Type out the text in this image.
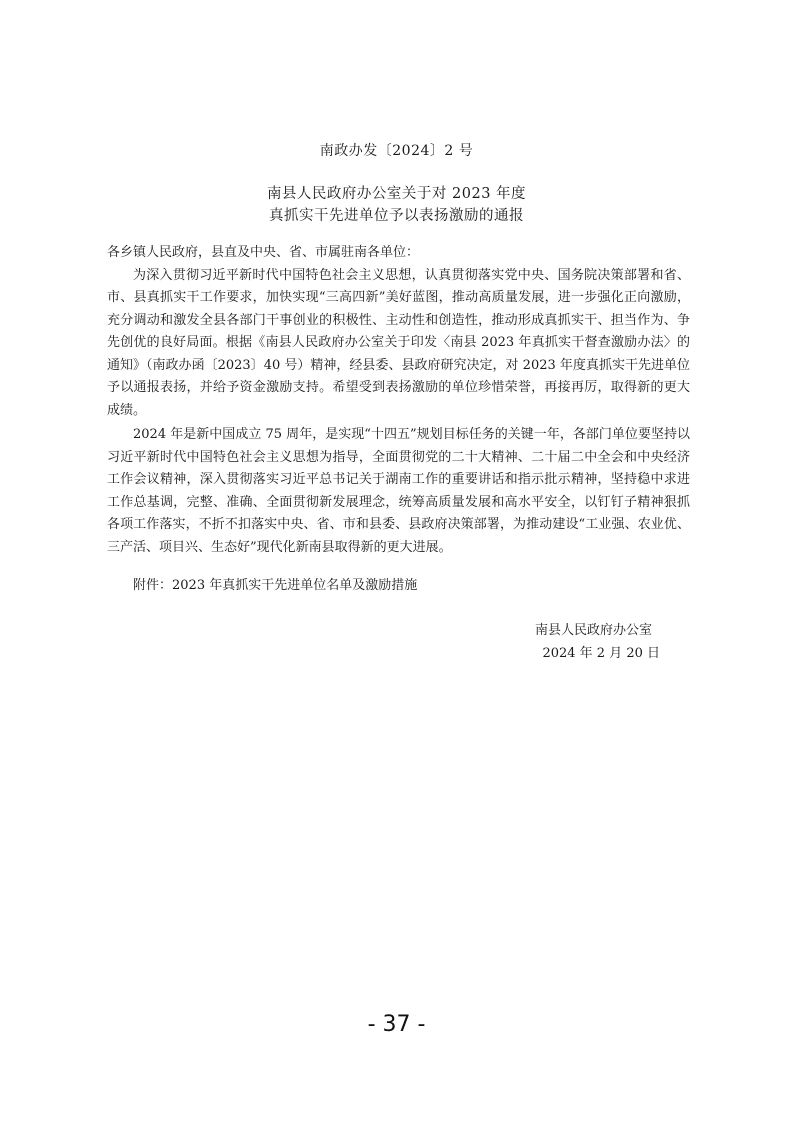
南政办发〔2024〕2 号
南县人民政府办公室关于对 2023 年度
真抓实干先进单位予以表扬激励的通报

各乡镇人民政府，县直及中央、省、市属驻南各单位：

为深入贯彻习近平新时代中国特色社会主义思想，认真贯彻落实党中央、国务院决策部署和省、市、县真抓实干工作要求，加快实现“三高四新”美好蓝图，推动高质量发展，进一步强化正向激励，充分调动和激发全县各部门干事创业的积极性、主动性和创造性，推动形成真抓实干、担当作为、争先创优的良好局面。根据《南县人民政府办公室关于印发〈南县 2023 年真抓实干督查激励办法〉的通知》（南政办函〔2023〕40 号）精神，经县委、县政府研究决定，对 2023 年度真抓实干先进单位予以通报表扬，并给予资金激励支持。希望受到表扬激励的单位珍惜荣誉，再接再厉，取得新的更大成绩。

2024 年是新中国成立 75 周年，是实现“十四五”规划目标任务的关键一年，各部门单位要坚持以习近平新时代中国特色社会主义思想为指导，全面贯彻党的二十大精神、二十届二中全会和中央经济工作会议精神，深入贯彻落实习近平总书记关于湖南工作的重要讲话和指示批示精神，坚持稳中求进工作总基调，完整、准确、全面贯彻新发展理念，统筹高质量发展和高水平安全，以钉钉子精神狠抓各项工作落实，不折不扣落实中央、省、市和县委、县政府决策部署，为推动建设“工业强、农业优、三产活、项目兴、生态好”现代化新南县取得新的更大进展。

附件：2023 年真抓实干先进单位名单及激励措施

南县人民政府办公室
2024 年 2 月 20 日
- 37 -
